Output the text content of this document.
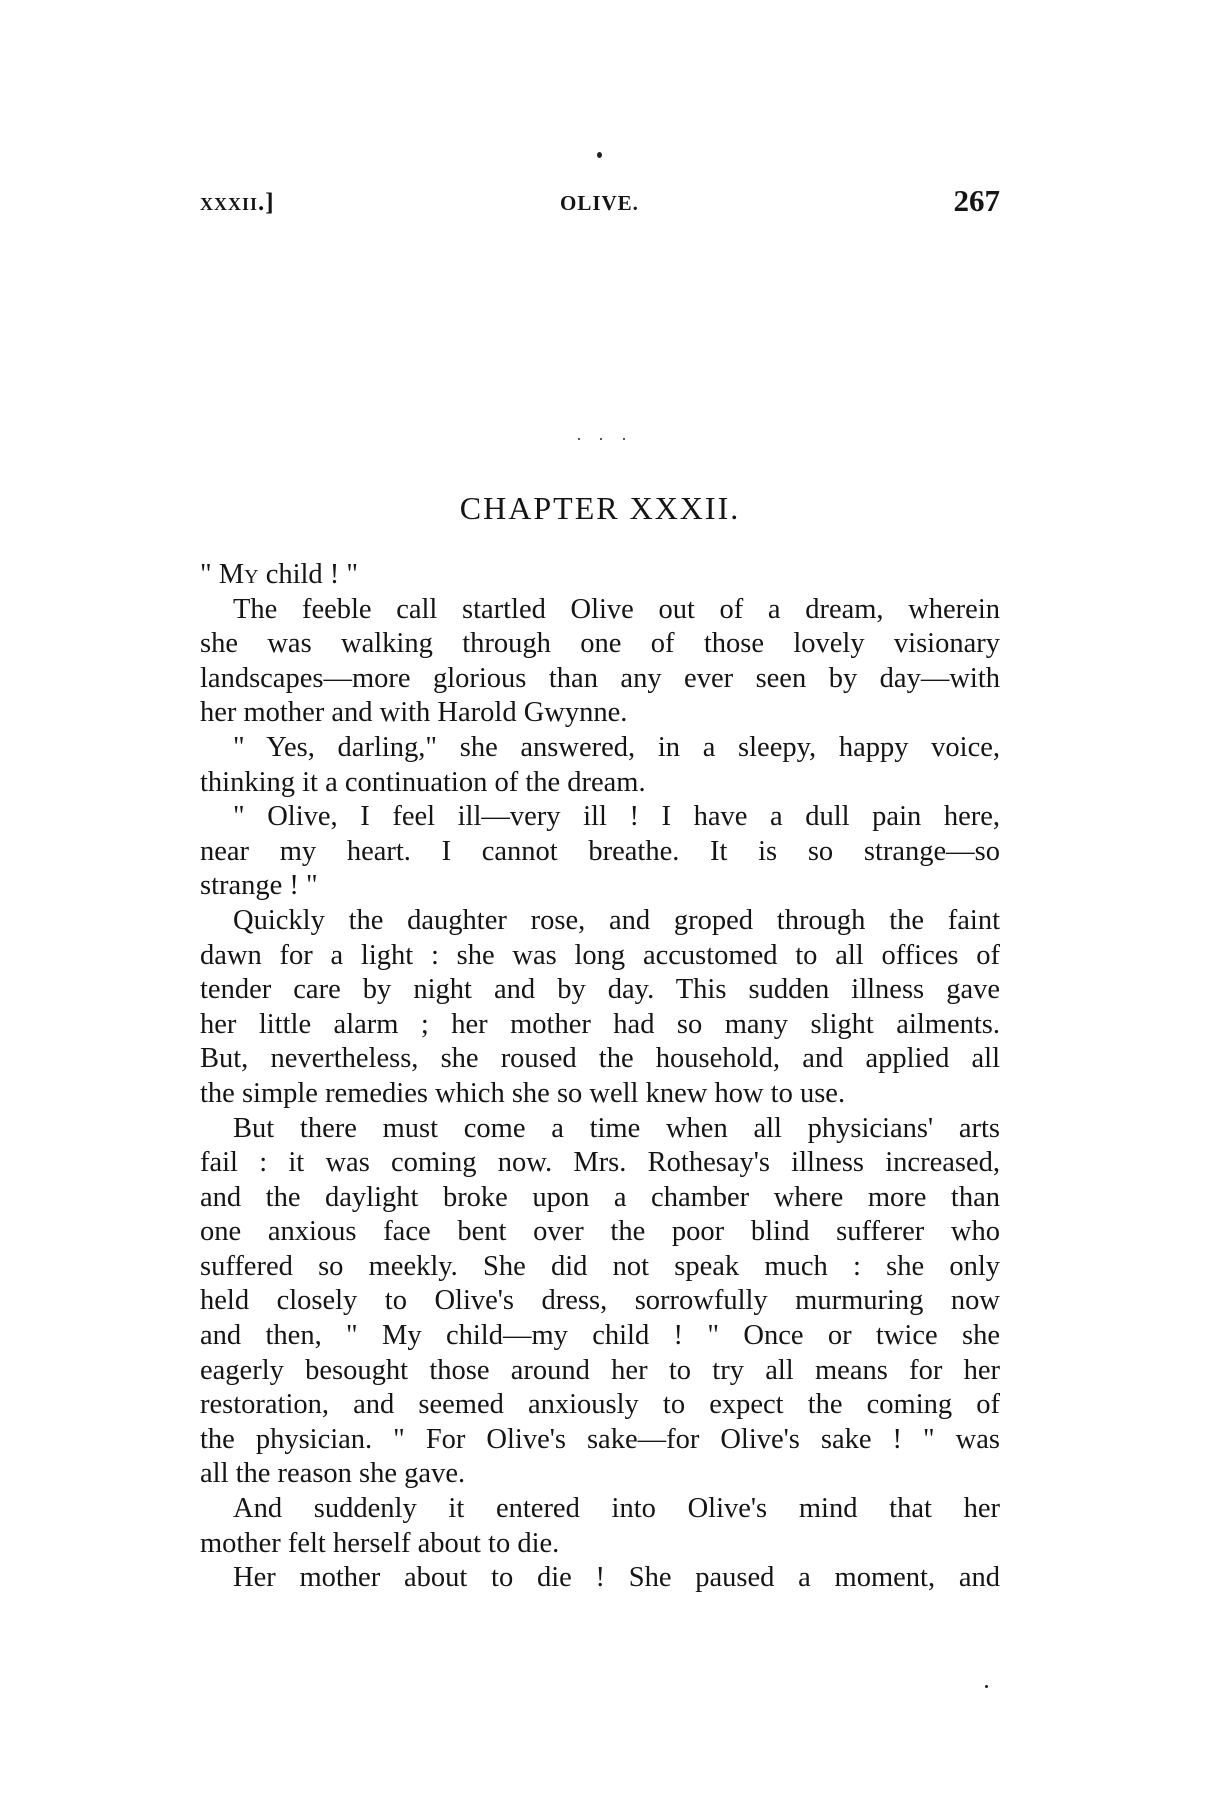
xxxii.]	OLIVE.	267
CHAPTER XXXII.
" My child ! "
The feeble call startled Olive out of a dream, wherein
she was walking through one of those lovely visionary
landscapes—more glorious than any ever seen by day—with
her mother and with Harold Gwynne.
" Yes, darling," she answered, in a sleepy, happy voice,
thinking it a continuation of the dream.
" Olive, I feel ill—very ill ! I have a dull pain here,
near my heart. I cannot breathe. It is so strange—so
strange ! "
Quickly the daughter rose, and groped through the faint
dawn for a light : she was long accustomed to all offices of
tender care by night and by day. This sudden illness gave
her little alarm ; her mother had so many slight ailments.
But, nevertheless, she roused the household, and applied all
the simple remedies which she so well knew how to use.
But there must come a time when all physicians' arts
fail : it was coming now. Mrs. Rothesay's illness increased,
and the daylight broke upon a chamber where more than
one anxious face bent over the poor blind sufferer who
suffered so meekly. She did not speak much : she only
held closely to Olive's dress, sorrowfully murmuring now
and then, " My child—my child ! " Once or twice she
eagerly besought those around her to try all means for her
restoration, and seemed anxiously to expect the coming of
the physician. " For Olive's sake—for Olive's sake ! " was
all the reason she gave.
And suddenly it entered into Olive's mind that her
mother felt herself about to die.
Her mother about to die ! She paused a moment, and
